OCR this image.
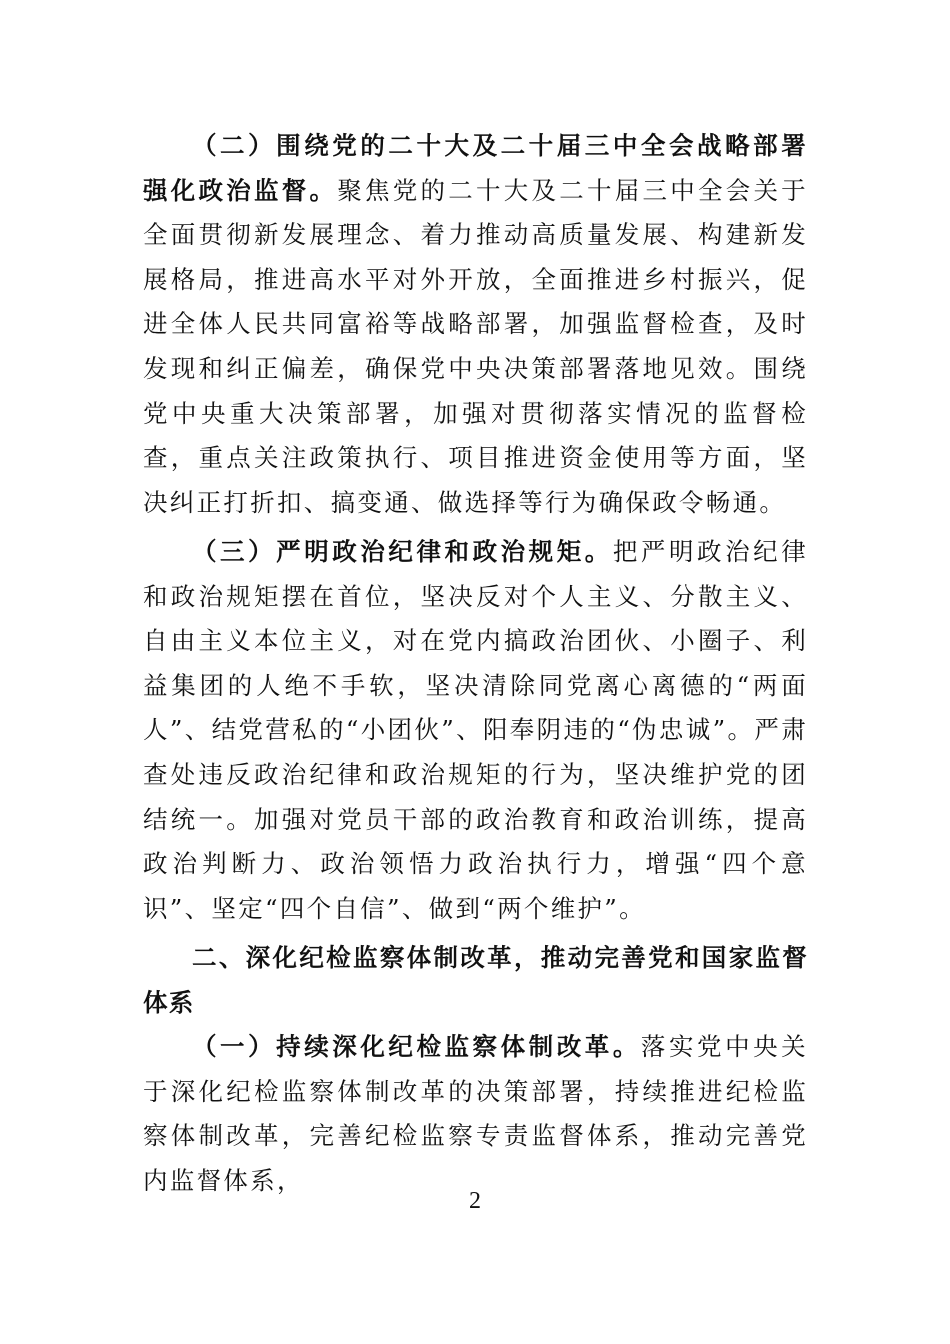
（二）围绕党的二十大及二十届三中全会战略部署强化政治监督。聚焦党的二十大及二十届三中全会关于全面贯彻新发展理念、着力推动高质量发展、构建新发展格局，推进高水平对外开放，全面推进乡村振兴，促进全体人民共同富裕等战略部署，加强监督检查，及时发现和纠正偏差，确保党中央决策部署落地见效。围绕党中央重大决策部署，加强对贯彻落实情况的监督检查，重点关注政策执行、项目推进资金使用等方面，坚决纠正打折扣、搞变通、做选择等行为确保政令畅通。

（三）严明政治纪律和政治规矩。把严明政治纪律和政治规矩摆在首位，坚决反对个人主义、分散主义、自由主义本位主义，对在党内搞政治团伙、小圈子、利益集团的人绝不手软，坚决清除同党离心离德的“两面人”、结党营私的“小团伙”、阳奉阴违的“伪忠诚”。严肃查处违反政治纪律和政治规矩的行为，坚决维护党的团结统一。加强对党员干部的政治教育和政治训练，提高政治判断力、政治领悟力政治执行力，增强“四个意识”、坚定“四个自信”、做到“两个维护”。

二、深化纪检监察体制改革，推动完善党和国家监督体系

（一）持续深化纪检监察体制改革。落实党中央关于深化纪检监察体制改革的决策部署，持续推进纪检监察体制改革，完善纪检监察专责监督体系，推动完善党内监督体系，

2
